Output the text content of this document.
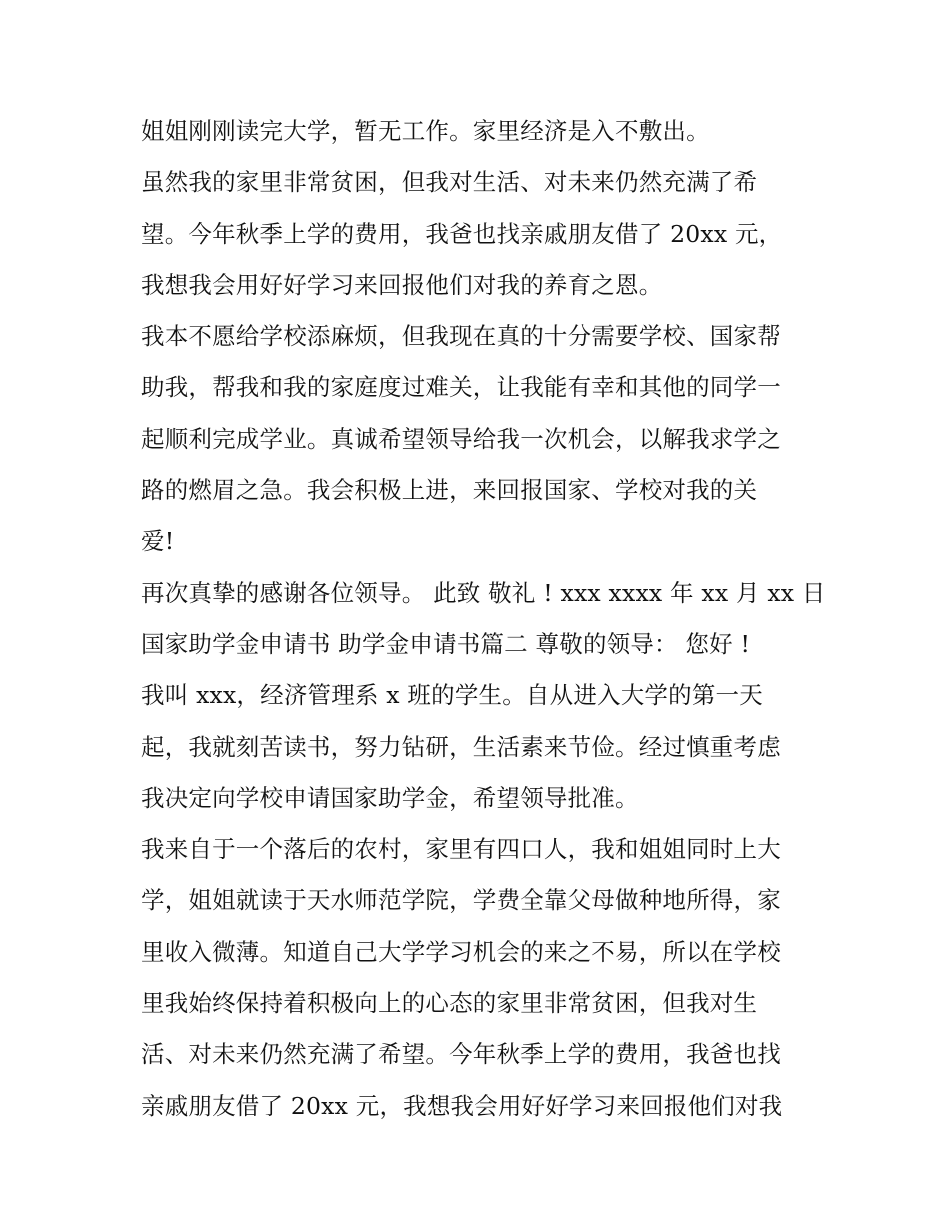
姐姐刚刚读完大学，暂无工作。家里经济是入不敷出。
虽然我的家里非常贫困，但我对生活、对未来仍然充满了希
望。今年秋季上学的费用，我爸也找亲戚朋友借了 20xx 元，
我想我会用好好学习来回报他们对我的养育之恩。
我本不愿给学校添麻烦，但我现在真的十分需要学校、国家帮
助我，帮我和我的家庭度过难关，让我能有幸和其他的同学一
起顺利完成学业。真诚希望领导给我一次机会，以解我求学之
路的燃眉之急。我会积极上进，来回报国家、学校对我的关
爱!
再次真挚的感谢各位领导。 此致 敬礼 ! xxx xxxx 年 xx 月 xx 日
国家助学金申请书 助学金申请书篇二 尊敬的领导： 您好 !
我叫 xxx，经济管理系 x 班的学生。自从进入大学的第一天
起，我就刻苦读书，努力钻研，生活素来节俭。经过慎重考虑
我决定向学校申请国家助学金，希望领导批准。
我来自于一个落后的农村，家里有四口人，我和姐姐同时上大
学，姐姐就读于天水师范学院，学费全靠父母做种地所得，家
里收入微薄。知道自己大学学习机会的来之不易，所以在学校
里我始终保持着积极向上的心态的家里非常贫困，但我对生
活、对未来仍然充满了希望。今年秋季上学的费用，我爸也找
亲戚朋友借了 20xx 元，我想我会用好好学习来回报他们对我
